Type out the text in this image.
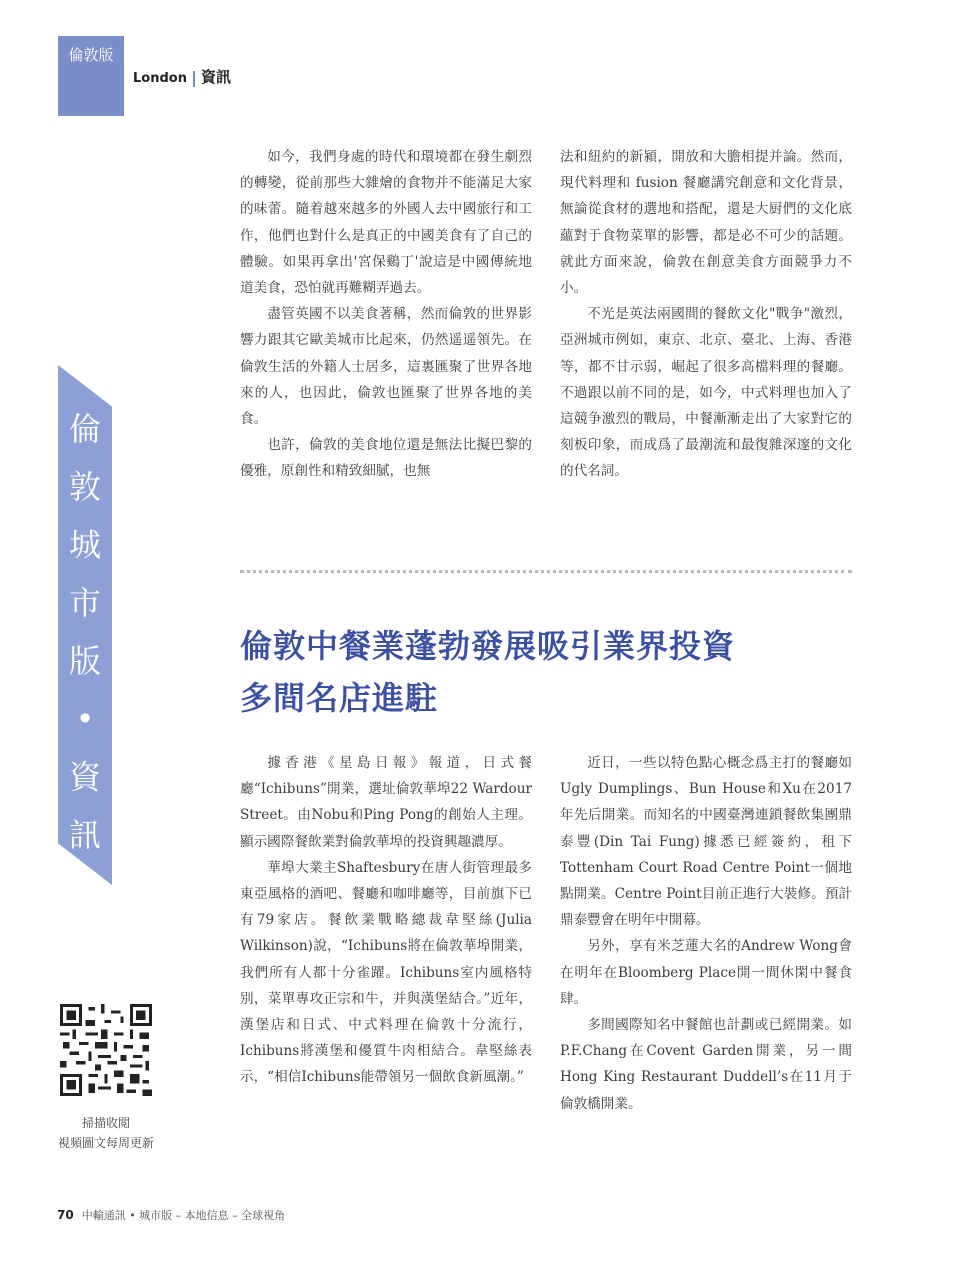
倫敦版
London 資訊
倫
敦
城
市
版
•
資
訊

如今，我們身處的時代和環境都在發生劇烈的轉變，從前那些大雜燴的食物并不能滿足大家的味蕾。隨着越來越多的外國人去中國旅行和工作，他們也對什么是真正的中國美食有了自己的體驗。如果再拿出'宮保鷄丁'說這是中國傳統地道美食，恐怕就再難糊弄過去。

盡管英國不以美食著稱，然而倫敦的世界影響力跟其它歐美城市比起來，仍然遥遥領先。在倫敦生活的外籍人士居多，這裏匯聚了世界各地來的人，也因此，倫敦也匯聚了世界各地的美食。

也許，倫敦的美食地位還是無法比擬巴黎的優雅，原創性和精致細膩，也無

法和紐約的新潁，開放和大膽相提并論。然而，現代料理和 fusion 餐廳講究創意和文化背景，無論從食材的選地和搭配，還是大厨們的文化底蘊對于食物菜單的影響，都是必不可少的話題。就此方面來說，倫敦在創意美食方面競爭力不小。

不光是英法兩國間的餐飲文化"戰争"激烈，亞洲城市例如，東京、北京、臺北、上海、香港等，都不甘示弱，崛起了很多高檔料理的餐廳。不過跟以前不同的是，如今，中式料理也加入了這競争激烈的戰局，中餐漸漸走出了大家對它的刻板印象，而成爲了最潮流和最復雜深邃的文化的代名詞。

倫敦中餐業蓬勃發展吸引業界投資
多間名店進駐

據香港《星島日報》報道，日式餐廳“Ichibuns”開業，選址倫敦華埠22 Wardour Street。由Nobu和Ping Pong的創始人主理。顯示國際餐飲業對倫敦華埠的投資興趣濃厚。

華埠大業主Shaftesbury在唐人街管理最多東亞風格的酒吧、餐廳和咖啡廳等，目前旗下已有79家店。餐飲業戰略總裁韋堅絲(Julia Wilkinson)說，“Ichibuns將在倫敦華埠開業，我們所有人都十分雀躍。Ichibuns室内風格特别，菜單專攻正宗和牛，并與漢堡結合。”近年，漢堡店和日式、中式料理在倫敦十分流行，Ichibuns將漢堡和優質牛肉相結合。韋堅絲表示，“相信Ichibuns能帶領另一個飲食新風潮。”

近日，一些以特色點心概念爲主打的餐廳如Ugly Dumplings、Bun House和Xu在2017年先后開業。而知名的中國臺灣連鎖餐飲集團鼎泰豐(Din Tai Fung)據悉已經簽約，租下Tottenham Court Road Centre Point一個地點開業。Centre Point目前正進行大裝修。預計鼎泰豐會在明年中開幕。

另外，享有米芝蓮大名的Andrew Wong會在明年在Bloomberg Place開一間休閑中餐食肆。

多間國際知名中餐館也計劃或已經開業。如P.F.Chang在Covent Garden開業，另一間Hong King Restaurant Duddell’s在11月于倫敦橋開業。

掃描收閲
視頻圖文每周更新
70 中輸通訊 • 城市版 – 本地信息 – 全球視角
